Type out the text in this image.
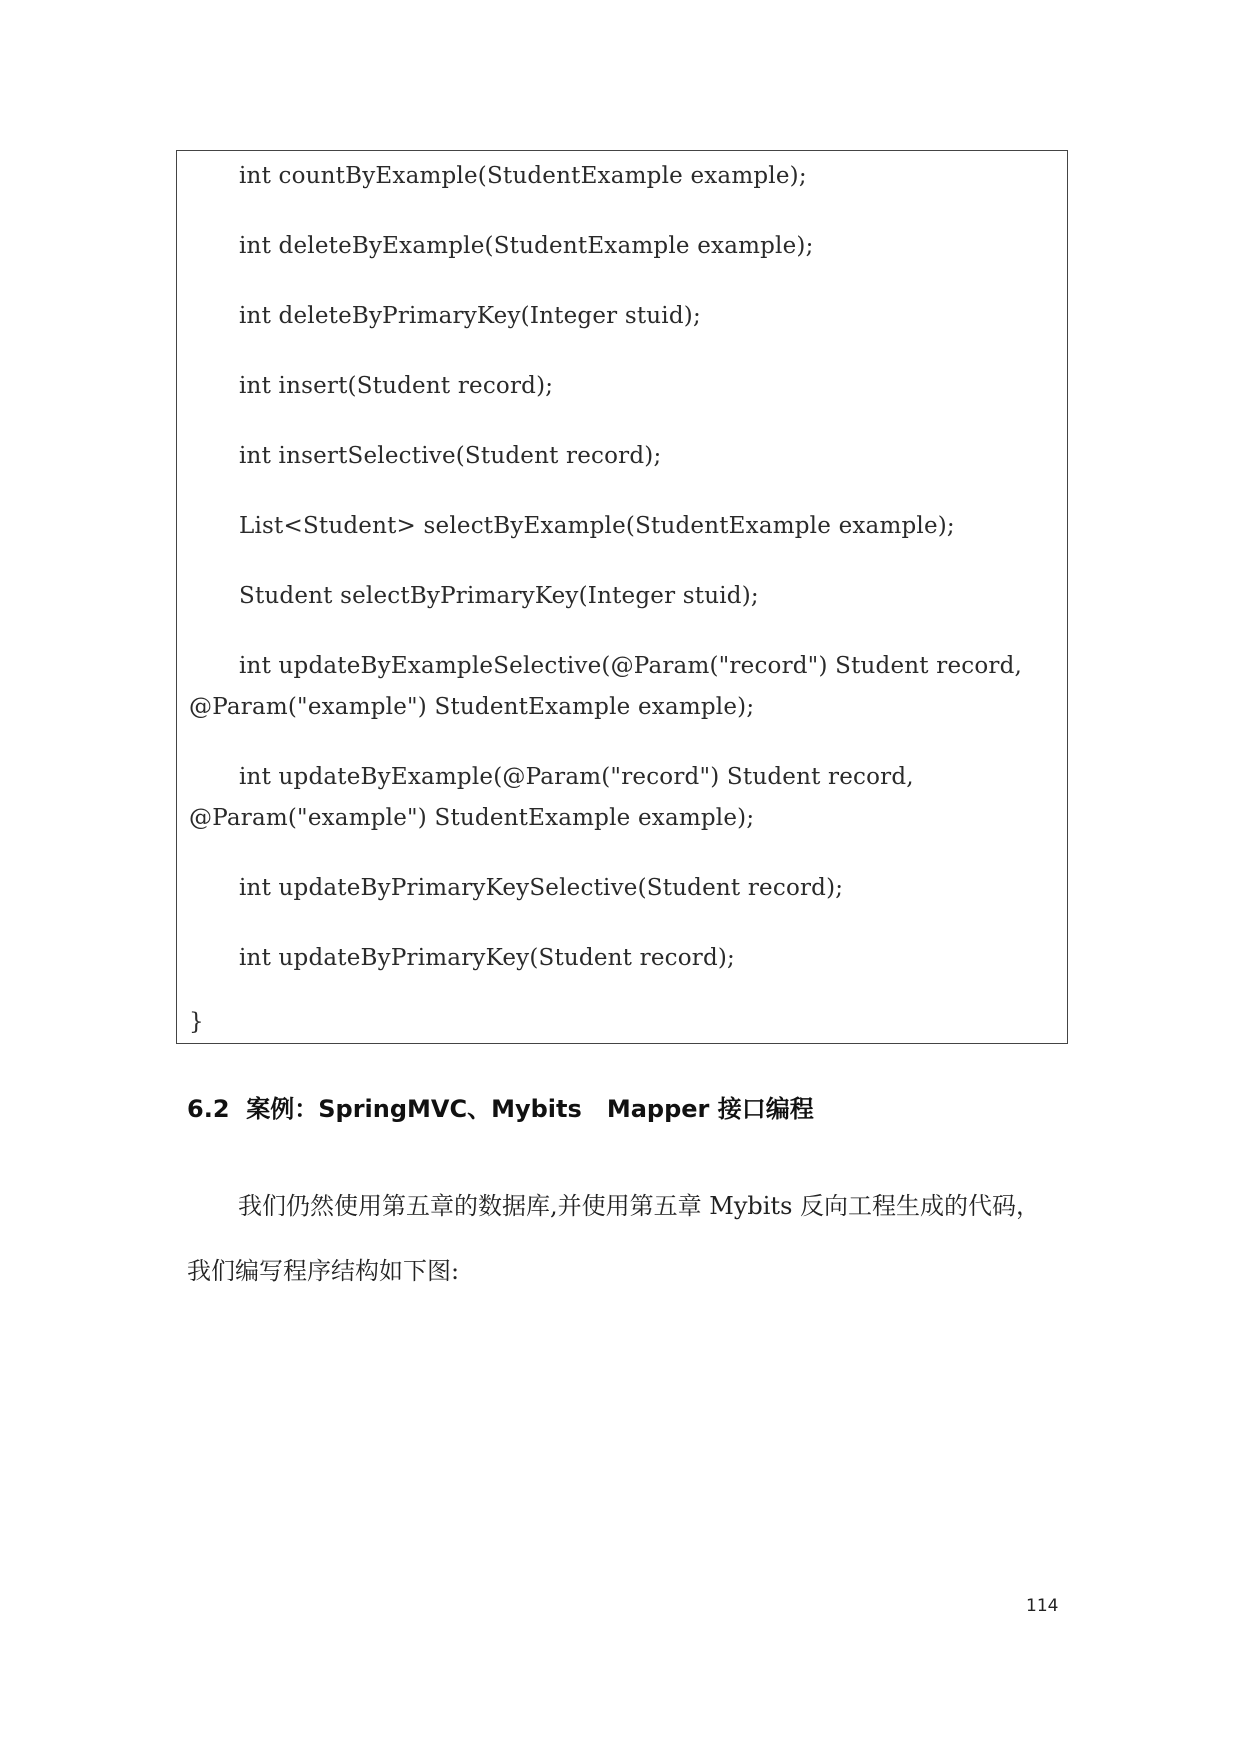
int countByExample(StudentExample example);
int deleteByExample(StudentExample example);
int deleteByPrimaryKey(Integer stuid);
int insert(Student record);
int insertSelective(Student record);
List<Student> selectByExample(StudentExample example);
Student selectByPrimaryKey(Integer stuid);
int updateByExampleSelective(@Param("record") Student record,
@Param("example") StudentExample example);
int updateByExample(@Param("record") Student record,
@Param("example") StudentExample example);
int updateByPrimaryKeySelective(Student record);
int updateByPrimaryKey(Student record);
}
6.2  案例：SpringMVC、Mybits   Mapper 接口编程
我们仍然使用第五章的数据库,并使用第五章 Mybits 反向工程生成的代码，
我们编写程序结构如下图:
114
